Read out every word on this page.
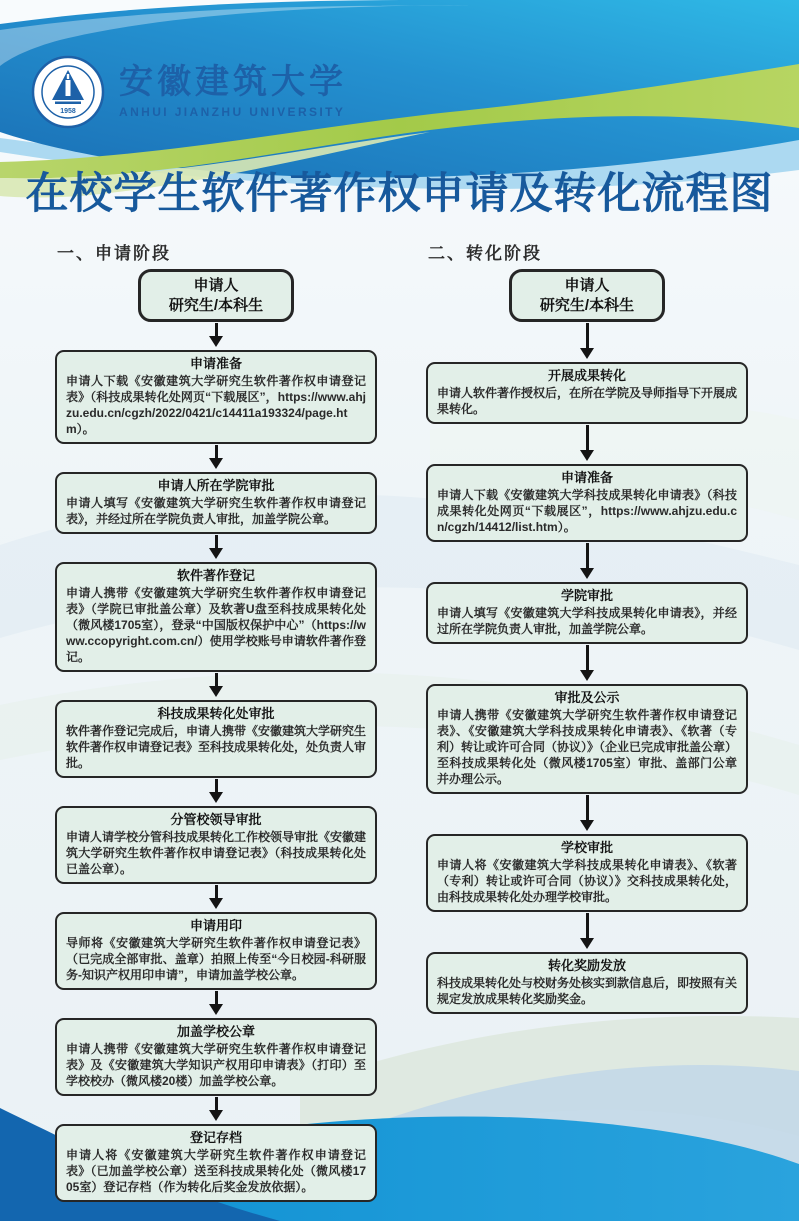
1958
安徽建筑大学
ANHUI JIANZHU UNIVERSITY
在校学生软件著作权申请及转化流程图
一、申请阶段
申请人
研究生/本科生
申请准备
申请人下载《安徽建筑大学研究生软件著作权申请登记表》（科技成果转化处网页“下载展区”，https://www.ahjzu.edu.cn/cgzh/2022/0421/c14411a193324/page.htm）。
申请人所在学院审批
申请人填写《安徽建筑大学研究生软件著作权申请登记表》，并经过所在学院负责人审批，加盖学院公章。
软件著作登记
申请人携带《安徽建筑大学研究生软件著作权申请登记表》（学院已审批盖公章）及软著U盘至科技成果转化处（微风楼1705室），登录“中国版权保护中心”（https://www.ccopyright.com.cn/）使用学校账号申请软件著作登记。
科技成果转化处审批
软件著作登记完成后，申请人携带《安徽建筑大学研究生软件著作权申请登记表》至科技成果转化处，处负责人审批。
分管校领导审批
申请人请学校分管科技成果转化工作校领导审批《安徽建筑大学研究生软件著作权申请登记表》（科技成果转化处已盖公章）。
申请用印
导师将《安徽建筑大学研究生软件著作权申请登记表》（已完成全部审批、盖章）拍照上传至“今日校园-科研服务-知识产权用印申请”，申请加盖学校公章。
加盖学校公章
申请人携带《安徽建筑大学研究生软件著作权申请登记表》及《安徽建筑大学知识产权用印申请表》（打印）至学校校办（微风楼20楼）加盖学校公章。
登记存档
申请人将《安徽建筑大学研究生软件著作权申请登记表》（已加盖学校公章）送至科技成果转化处（微风楼1705室）登记存档（作为转化后奖金发放依据）。
二、转化阶段
申请人
研究生/本科生
开展成果转化
申请人软件著作授权后，在所在学院及导师指导下开展成果转化。
申请准备
申请人下载《安徽建筑大学科技成果转化申请表》（科技成果转化处网页“下载展区”，https://www.ahjzu.edu.cn/cgzh/14412/list.htm）。
学院审批
申请人填写《安徽建筑大学科技成果转化申请表》，并经过所在学院负责人审批，加盖学院公章。
审批及公示
申请人携带《安徽建筑大学研究生软件著作权申请登记表》、《安徽建筑大学科技成果转化申请表》、《软著（专利）转让或许可合同（协议）》（企业已完成审批盖公章）至科技成果转化处（微风楼1705室）审批、盖部门公章并办理公示。
学校审批
申请人将《安徽建筑大学科技成果转化申请表》、《软著（专利）转让或许可合同（协议）》交科技成果转化处，由科技成果转化处办理学校审批。
转化奖励发放
科技成果转化处与校财务处核实到款信息后，即按照有关规定发放成果转化奖励奖金。
